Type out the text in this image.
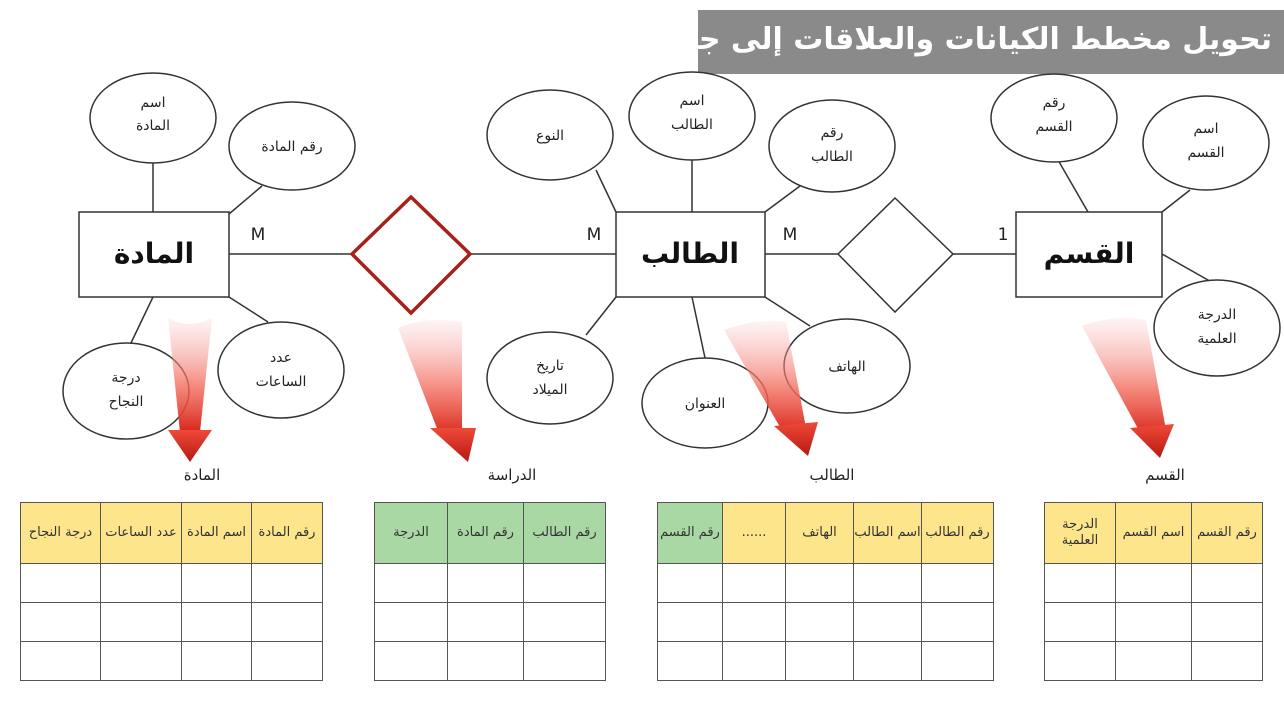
تحويل مخطط الكيانات والعلاقات إلى جداول
المادة	الطالب	القسم
M	M	M	1
اسم
المادة
رقم المادة
درجة
النجاح
عدد
الساعات
النوع
اسم
الطالب	رقم
الطالب
تاريخ
الميلاد
العنوان
الهاتف
رقم
القسم	اسم
القسم
الدرجة
العلمية
المادة	الدراسة	الطالب	القسم
رقم المادة	اسم المادة	عدد الساعات	درجة النجاح

				رقم الطالب	رقم المادة	الدرجة

			رقم الطالب	اسم الطالب	الهاتف	......	رقم القسم

					رقم القسم	اسم القسم	الدرجة العلمية
